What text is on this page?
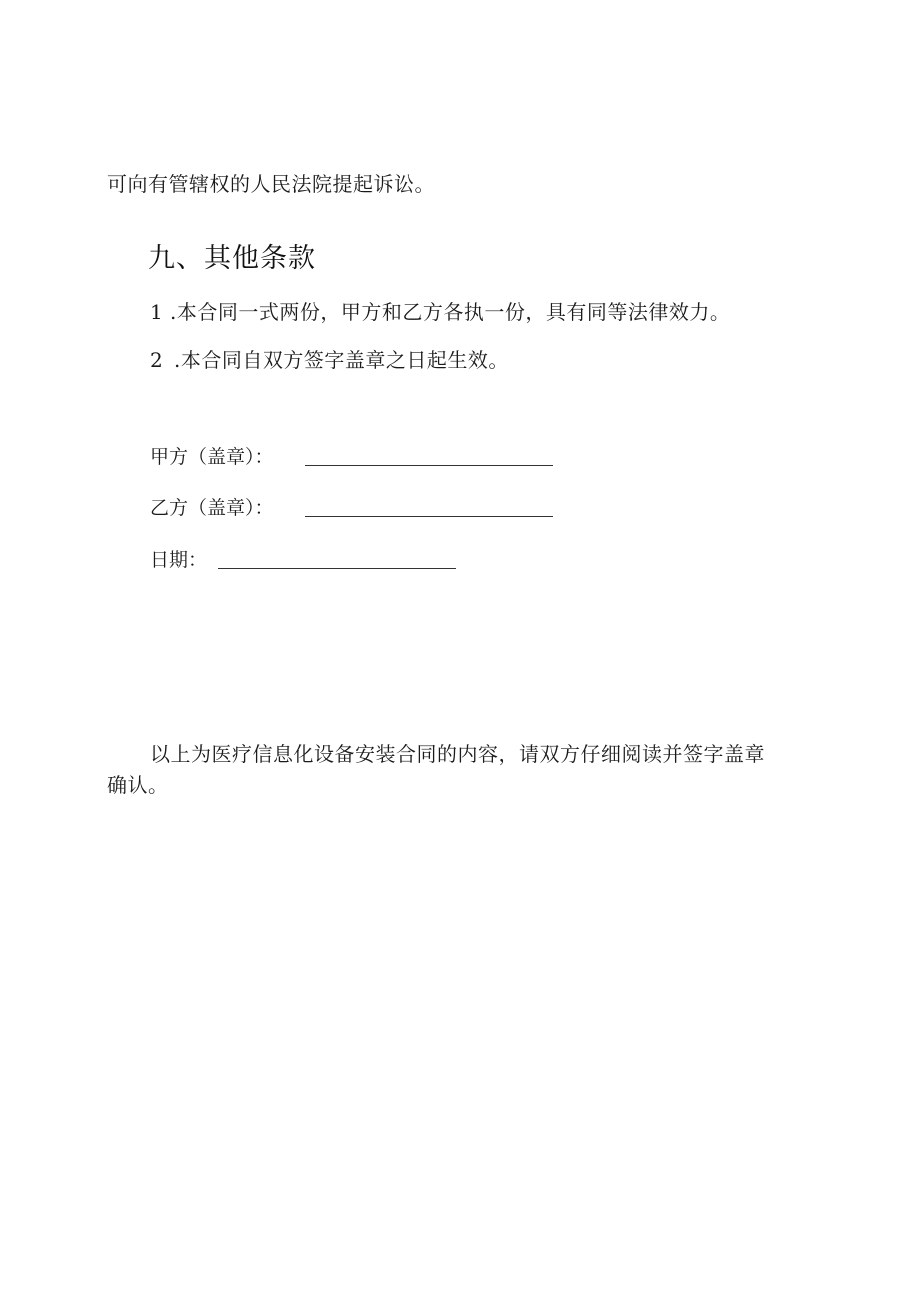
可向有管辖权的人民法院提起诉讼。
九、其他条款
1 .本合同一式两份，甲方和乙方各执一份，具有同等法律效力。
2 .本合同自双方签字盖章之日起生效。
甲方（盖章）：
乙方（盖章）：
日期：
以上为医疗信息化设备安装合同的内容，请双方仔细阅读并签字盖章
确认。
